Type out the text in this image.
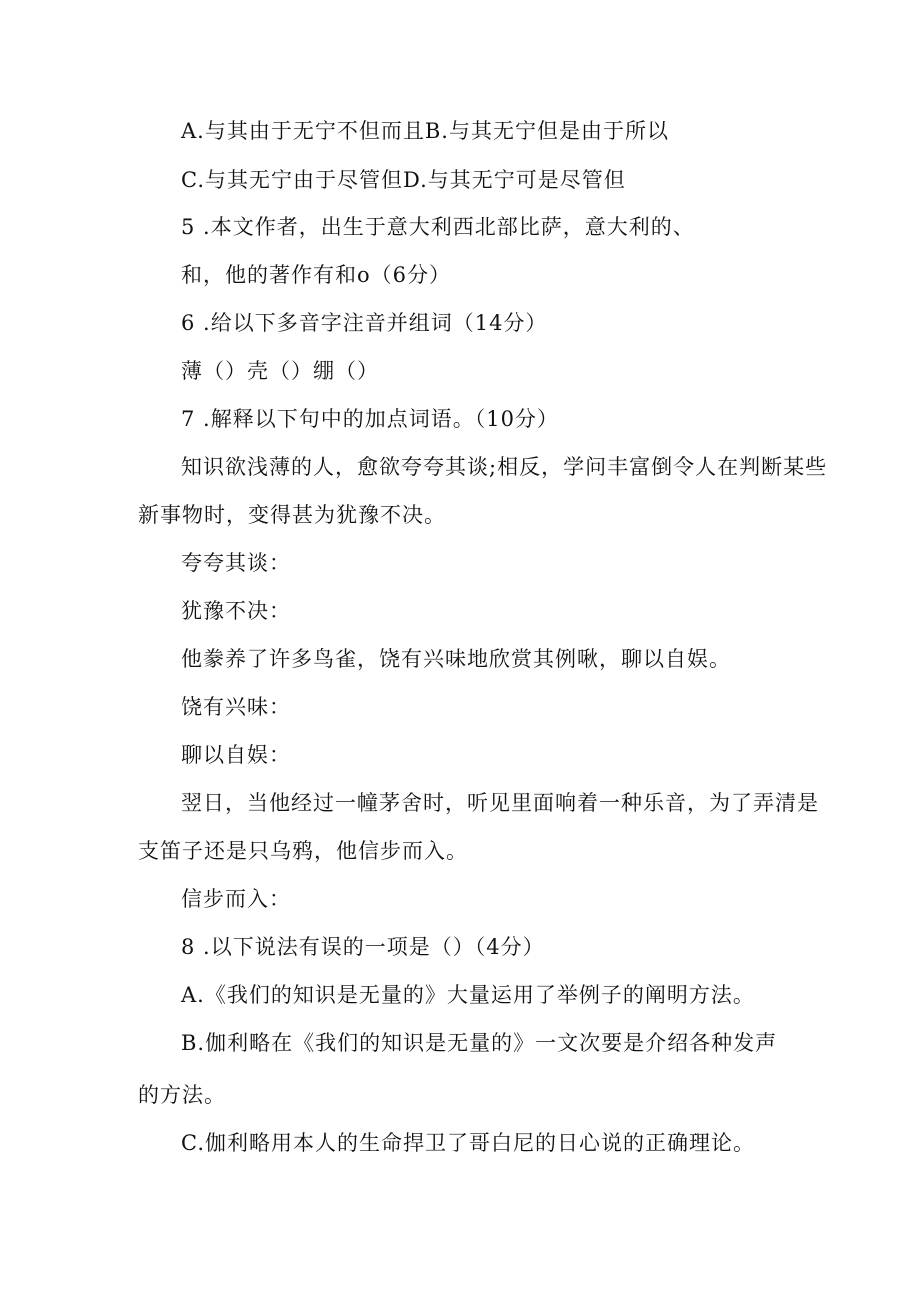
A.与其由于无宁不但而且B.与其无宁但是由于所以
C.与其无宁由于尽管但D.与其无宁可是尽管但
5 .本文作者，出生于意大利西北部比萨，意大利的、
和，他的著作有和o（6分）
6 .给以下多音字注音并组词（14分）
薄（）壳（）绷（）
7 .解释以下句中的加点词语。（10分）
知识欲浅薄的人，愈欲夸夸其谈;相反，学问丰富倒令人在判断某些
新事物时，变得甚为犹豫不决。
夸夸其谈：
犹豫不决：
他豢养了许多鸟雀，饶有兴味地欣赏其例啾，聊以自娱。
饶有兴味：
聊以自娱：
翌日，当他经过一幢茅舍时，听见里面响着一种乐音，为了弄清是
支笛子还是只乌鸦，他信步而入。
信步而入：
8 .以下说法有误的一项是（）（4分）
A.《我们的知识是无量的》大量运用了举例子的阐明方法。
B.伽利略在《我们的知识是无量的》一文次要是介绍各种发声
的方法。
C.伽利略用本人的生命捍卫了哥白尼的日心说的正确理论。
